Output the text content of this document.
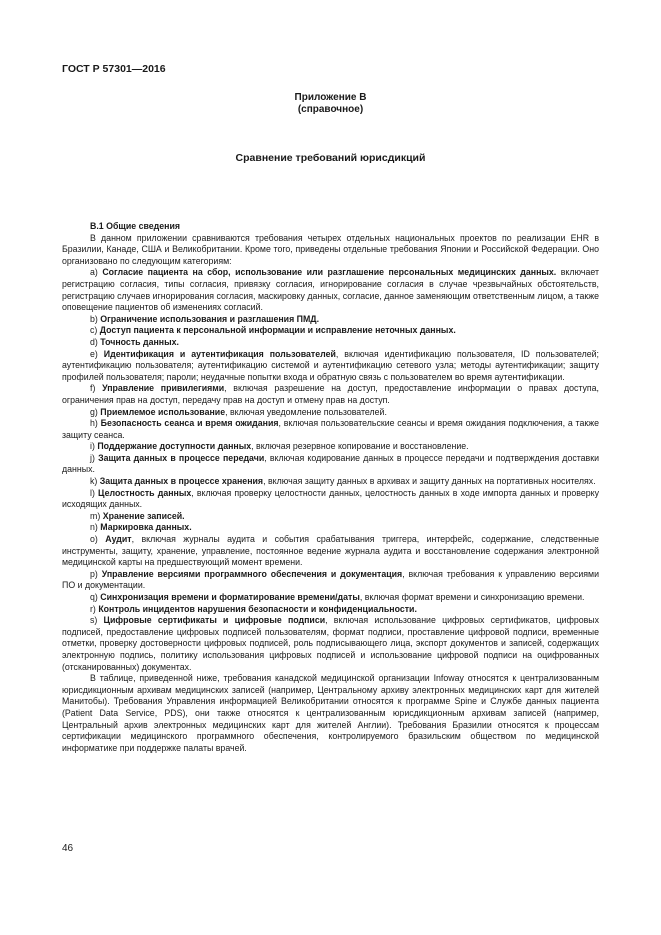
ГОСТ Р 57301—2016
Приложение В
(справочное)
Сравнение требований юрисдикций

В.1 Общие сведения

В данном приложении сравниваются требования четырех отдельных национальных проектов по реализации EHR в Бразилии, Канаде, США и Великобритании. Кроме того, приведены отдельные требования Японии и Российской Федерации. Оно организовано по следующим категориям:

a) Согласие пациента на сбор, использование или разглашение персональных медицинских данных. включает регистрацию согласия, типы согласия, привязку согласия, игнорирование согласия в случае чрезвычайных обстоятельств, регистрацию случаев игнорирования согласия, маскировку данных, согласие, данное заменяющим ответственным лицом, а также оповещение пациентов об изменениях согласий.

b) Ограничение использования и разглашения ПМД.

c) Доступ пациента к персональной информации и исправление неточных данных.

d) Точность данных.

e) Идентификация и аутентификация пользователей, включая идентификацию пользователя, ID пользователей; аутентификацию пользователя; аутентификацию системой и аутентификацию сетевого узла; методы аутентификации; защиту профилей пользователя; пароли; неудачные попытки входа и обратную связь с пользователем во время аутентификации.

f) Управление привилегиями, включая разрешение на доступ, предоставление информации о правах доступа, ограничения прав на доступ, передачу прав на доступ и отмену прав на доступ.

g) Приемлемое использование, включая уведомление пользователей.

h) Безопасность сеанса и время ожидания, включая пользовательские сеансы и время ожидания подключения, а также защиту сеанса.

i) Поддержание доступности данных, включая резервное копирование и восстановление.

j) Защита данных в процессе передачи, включая кодирование данных в процессе передачи и подтверждения доставки данных.

k) Защита данных в процессе хранения, включая защиту данных в архивах и защиту данных на портативных носителях.

l) Целостность данных, включая проверку целостности данных, целостность данных в ходе импорта данных и проверку исходящих данных.

m) Хранение записей.

n) Маркировка данных.

o) Аудит, включая журналы аудита и события срабатывания триггера, интерфейс, содержание, следственные инструменты, защиту, хранение, управление, постоянное ведение журнала аудита и восстановление содержания электронной медицинской карты на предшествующий момент времени.

p) Управление версиями программного обеспечения и документация, включая требования к управлению версиями ПО и документации.

q) Синхронизация времени и форматирование времени/даты, включая формат времени и синхронизацию времени.

r) Контроль инцидентов нарушения безопасности и конфиденциальности.

s) Цифровые сертификаты и цифровые подписи, включая использование цифровых сертификатов, цифровых подписей, предоставление цифровых подписей пользователям, формат подписи, проставление цифровой подписи, временные отметки, проверку достоверности цифровых подписей, роль подписывающего лица, экспорт документов и записей, содержащих электронную подпись, политику использования цифровых подписей и использование цифровой подписи на оцифрованных (отсканированных) документах.

В таблице, приведенной ниже, требования канадской медицинской организации Infoway относятся к централизованным юрисдикционным архивам медицинских записей (например, Центральному архиву электронных медицинских карт для жителей Манитобы). Требования Управления информацией Великобритании относятся к программе Spine и Службе данных пациента (Patient Data Service, PDS), они также относятся к централизованным юрисдикционным архивам записей (например, Центральный архив электронных медицинских карт для жителей Англии). Требования Бразилии относятся к процессам сертификации медицинского программного обеспечения, контролируемого бразильским обществом по медицинской информатике при поддержке палаты врачей.

46
